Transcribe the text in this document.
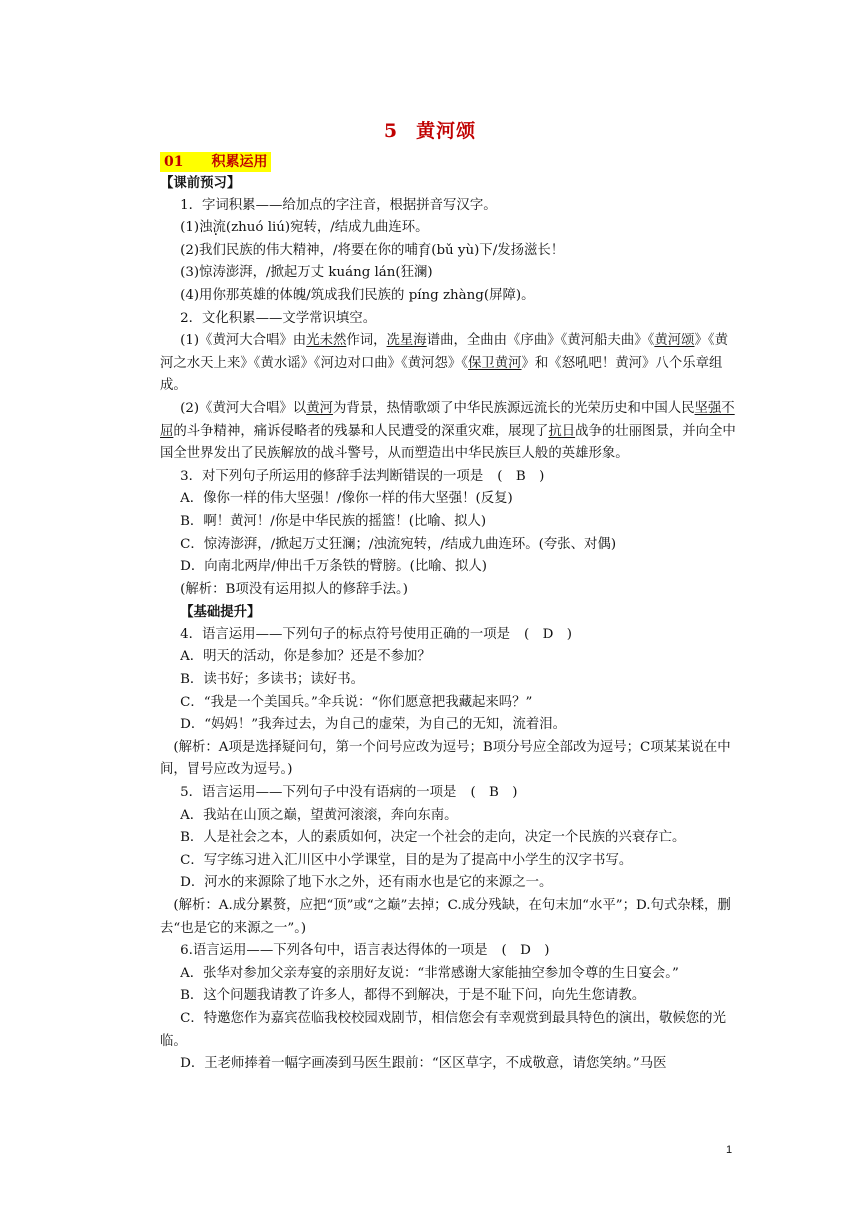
5 黄河颂
01　　积累运用

【课前预习】

1．字词积累——给加点的字注音，根据拼音写汉字。

(1)浊流(zhuó liú)宛转，/结成九曲连环。

(2)我们民族的伟大精神，/将要在你的哺育(bǔ yù)下/发扬滋长！

(3)惊涛澎湃，/掀起万丈 kuáng lán(狂澜)

(4)用你那英雄的体魄/筑成我们民族的 píng zhàng(屏障)。

2．文化积累——文学常识填空。

(1)《黄河大合唱》由光未然作词，冼星海谱曲，全曲由《序曲》《黄河船夫曲》《黄河颂》《黄河之水天上来》《黄水谣》《河边对口曲》《黄河怨》《保卫黄河》和《怒吼吧！黄河》八个乐章组成。

(2)《黄河大合唱》以黄河为背景，热情歌颂了中华民族源远流长的光荣历史和中国人民坚强不屈的斗争精神，痛诉侵略者的残暴和人民遭受的深重灾难，展现了抗日战争的壮丽图景，并向全中国全世界发出了民族解放的战斗警号，从而塑造出中华民族巨人般的英雄形象。

3．对下列句子所运用的修辞手法判断错误的一项是 (　B　)

A．像你一样的伟大坚强！/像你一样的伟大坚强！(反复)

B．啊！黄河！/你是中华民族的摇篮！(比喻、拟人)

C．惊涛澎湃，/掀起万丈狂澜；/浊流宛转，/结成九曲连环。(夸张、对偶)

D．向南北两岸/伸出千万条铁的臂膀。(比喻、拟人)

(解析：B项没有运用拟人的修辞手法。)

【基础提升】

4．语言运用——下列句子的标点符号使用正确的一项是 (　D　)

A．明天的活动，你是参加？还是不参加？

B．读书好；多读书；读好书。

C．“我是一个美国兵。”伞兵说：“你们愿意把我藏起来吗？”

D．“妈妈！”我奔过去，为自己的虚荣，为自己的无知，流着泪。

(解析：A项是选择疑问句，第一个问号应改为逗号；B项分号应全部改为逗号；C项某某说在中间，冒号应改为逗号。)

5．语言运用——下列句子中没有语病的一项是 (　B　)

A．我站在山顶之巅，望黄河滚滚，奔向东南。

B．人是社会之本，人的素质如何，决定一个社会的走向，决定一个民族的兴衰存亡。

C．写字练习进入汇川区中小学课堂，目的是为了提高中小学生的汉字书写。

D．河水的来源除了地下水之外，还有雨水也是它的来源之一。

(解析：A.成分累赘，应把“顶”或“之巅”去掉；C.成分残缺，在句末加“水平”；D.句式杂糅，删去“也是它的来源之一”。)

6.语言运用——下列各句中，语言表达得体的一项是 (　D　)

A．张华对参加父亲寿宴的亲朋好友说：“非常感谢大家能抽空参加令尊的生日宴会。”

B．这个问题我请教了许多人，都得不到解决，于是不耻下问，向先生您请教。

C．特邀您作为嘉宾莅临我校校园戏剧节，相信您会有幸观赏到最具特色的演出，敬候您的光临。

D．王老师捧着一幅字画凑到马医生跟前：“区区草字，不成敬意，请您笑纳。”马医

1
